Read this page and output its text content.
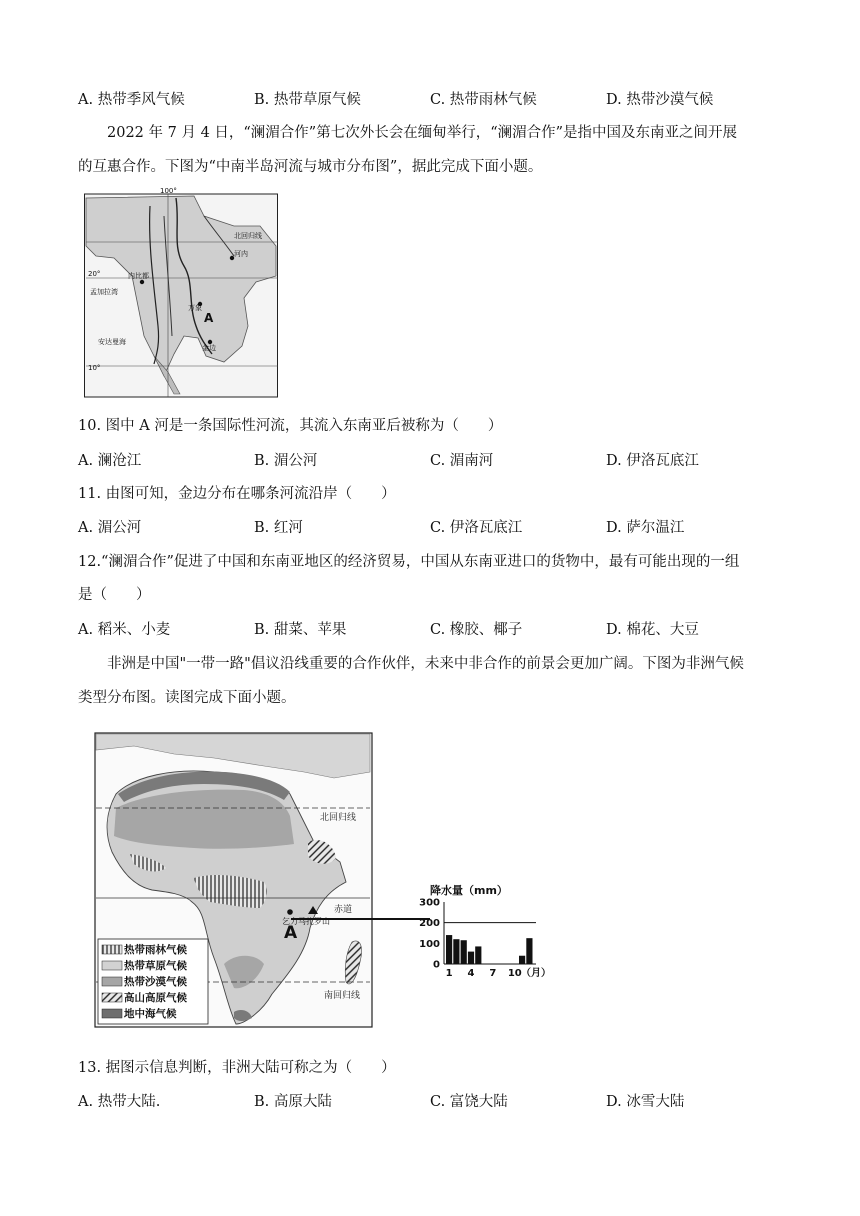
A. 热带季风气候	B. 热带草原气候	C. 热带雨林气候	D. 热带沙漠气候
2022 年 7 月 4 日，“澜湄合作”第七次外长会在缅甸举行，“澜湄合作”是指中国及东南亚之间开展
的互惠合作。下图为“中南半岛河流与城市分布图”，据此完成下面小题。
100°
北回归线
20°
10°
内比都
孟加拉湾
安达曼海
河内
万象
金边
A
10. 图中 A 河是一条国际性河流，其流入东南亚后被称为（　　）
A. 澜沧江	B. 湄公河	C. 湄南河	D. 伊洛瓦底江
11. 由图可知，金边分布在哪条河流沿岸（　　）
A. 湄公河	B. 红河	C. 伊洛瓦底江	D. 萨尔温江
12.“澜湄合作”促进了中国和东南亚地区的经济贸易，中国从东南亚进口的货物中，最有可能出现的一组
是（　　）
A. 稻米、小麦	B. 甜菜、苹果	C. 橡胶、椰子	D. 棉花、大豆
非洲是中国"一带一路"倡议沿线重要的合作伙伴，未来中非合作的前景会更加广阔。下图为非洲气候
类型分布图。读图完成下面小题。
北回归线
赤道
南回归线
乞力马扎罗山
A
热带雨林气候
热带草原气候
热带沙漠气候
高山高原气候
地中海气候
降水量（mm）
300
200
100
0
1 4 7 10 （月）
13. 据图示信息判断，非洲大陆可称之为（　　）
A. 热带大陆.	B. 高原大陆	C. 富饶大陆	D. 冰雪大陆
